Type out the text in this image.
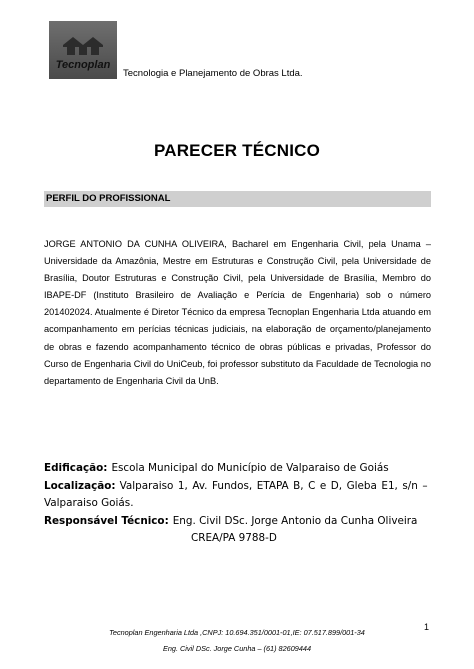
Tecnoplan
Tecnologia e Planejamento de Obras Ltda.
PARECER TÉCNICO
PERFIL DO PROFISSIONAL

JORGE ANTONIO DA CUNHA OLIVEIRA, Bacharel em Engenharia Civil, pela Unama – Universidade da Amazônia, Mestre em Estruturas e Construção Civil, pela Universidade de Brasília, Doutor Estruturas e Construção Civil, pela Universidade de Brasília, Membro do IBAPE-DF (Instituto Brasileiro de Avaliação e Perícia de Engenharia) sob o número 201402024. Atualmente é Diretor Técnico da empresa Tecnoplan Engenharia Ltda atuando em acompanhamento em perícias técnicas judiciais, na elaboração de orçamento/planejamento de obras e fazendo acompanhamento técnico de obras públicas e privadas, Professor do Curso de Engenharia Civil do UniCeub, foi professor substituto da Faculdade de Tecnologia no departamento de Engenharia Civil da UnB.

Edificação: Escola Municipal do Município de Valparaiso de Goiás
Localização: Valparaiso 1, Av. Fundos, ETAPA B, C e D, Gleba E1, s/n –
Valparaiso Goiás.
Responsável Técnico: Eng. Civil DSc. Jorge Antonio da Cunha Oliveira
CREA/PA 9788-D
1
Tecnoplan Engenharia Ltda ,CNPJ: 10.694.351/0001-01,IE: 07.517.899/001-34
Eng. Civil DSc. Jorge Cunha – (61) 82609444
